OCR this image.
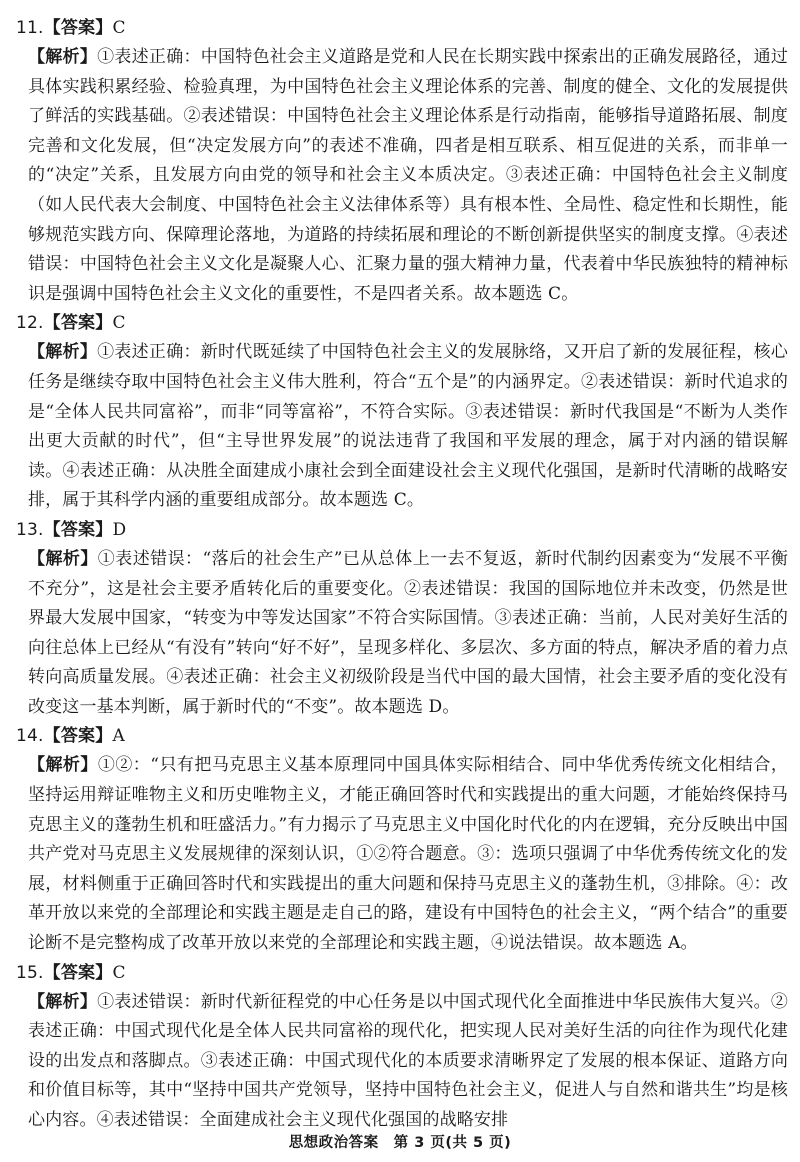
11.【答案】C
【解析】①表述正确：中国特色社会主义道路是党和人民在长期实践中探索出的正确发展路径，通过具体实践积累经验、检验真理，为中国特色社会主义理论体系的完善、制度的健全、文化的发展提供了鲜活的实践基础。②表述错误：中国特色社会主义理论体系是行动指南，能够指导道路拓展、制度完善和文化发展，但“决定发展方向”的表述不准确，四者是相互联系、相互促进的关系，而非单一的“决定”关系，且发展方向由党的领导和社会主义本质决定。③表述正确：中国特色社会主义制度（如人民代表大会制度、中国特色社会主义法律体系等）具有根本性、全局性、稳定性和长期性，能够规范实践方向、保障理论落地，为道路的持续拓展和理论的不断创新提供坚实的制度支撑。④表述错误：中国特色社会主义文化是凝聚人心、汇聚力量的强大精神力量，代表着中华民族独特的精神标识是强调中国特色社会主义文化的重要性，不是四者关系。故本题选 C。
12.【答案】C
【解析】①表述正确：新时代既延续了中国特色社会主义的发展脉络，又开启了新的发展征程，核心任务是继续夺取中国特色社会主义伟大胜利，符合“五个是”的内涵界定。②表述错误：新时代追求的是“全体人民共同富裕”，而非“同等富裕”，不符合实际。③表述错误：新时代我国是“不断为人类作出更大贡献的时代”，但“主导世界发展”的说法违背了我国和平发展的理念，属于对内涵的错误解读。④表述正确：从决胜全面建成小康社会到全面建设社会主义现代化强国，是新时代清晰的战略安排，属于其科学内涵的重要组成部分。故本题选 C。
13.【答案】D
【解析】①表述错误：“落后的社会生产”已从总体上一去不复返，新时代制约因素变为“发展不平衡不充分”，这是社会主要矛盾转化后的重要变化。②表述错误：我国的国际地位并未改变，仍然是世界最大发展中国家，“转变为中等发达国家”不符合实际国情。③表述正确：当前，人民对美好生活的向往总体上已经从“有没有”转向“好不好”，呈现多样化、多层次、多方面的特点，解决矛盾的着力点转向高质量发展。④表述正确：社会主义初级阶段是当代中国的最大国情，社会主要矛盾的变化没有改变这一基本判断，属于新时代的“不变”。故本题选 D。
14.【答案】A
【解析】①②：“只有把马克思主义基本原理同中国具体实际相结合、同中华优秀传统文化相结合，坚持运用辩证唯物主义和历史唯物主义，才能正确回答时代和实践提出的重大问题，才能始终保持马克思主义的蓬勃生机和旺盛活力。”有力揭示了马克思主义中国化时代化的内在逻辑，充分反映出中国共产党对马克思主义发展规律的深刻认识，①②符合题意。③：选项只强调了中华优秀传统文化的发展，材料侧重于正确回答时代和实践提出的重大问题和保持马克思主义的蓬勃生机，③排除。④：改革开放以来党的全部理论和实践主题是走自己的路，建设有中国特色的社会主义，“两个结合”的重要论断不是完整构成了改革开放以来党的全部理论和实践主题，④说法错误。故本题选 A。
15.【答案】C
【解析】①表述错误：新时代新征程党的中心任务是以中国式现代化全面推进中华民族伟大复兴。②表述正确：中国式现代化是全体人民共同富裕的现代化，把实现人民对美好生活的向往作为现代化建设的出发点和落脚点。③表述正确：中国式现代化的本质要求清晰界定了发展的根本保证、道路方向和价值目标等，其中“坚持中国共产党领导，坚持中国特色社会主义，促进人与自然和谐共生”均是核心内容。④表述错误：全面建成社会主义现代化强国的战略安排
思想政治答案　第 3 页(共 5 页)
